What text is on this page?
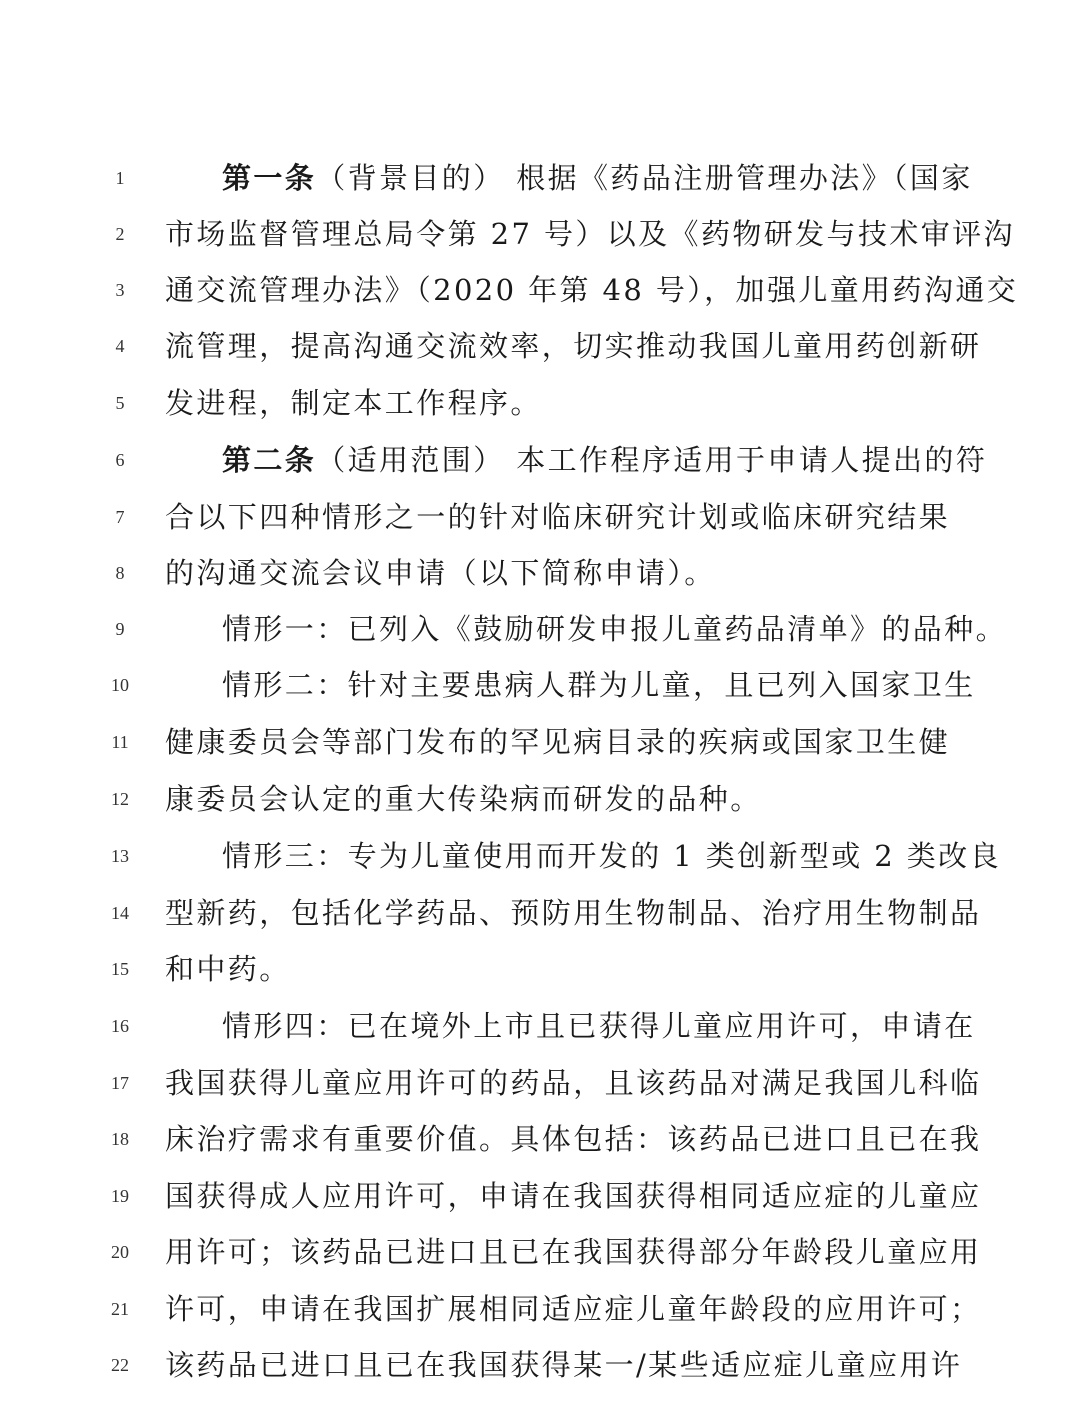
1	第一条（背景目的） 根据《药品注册管理办法》（国家
2	市场监督管理总局令第 27 号）以及《药物研发与技术审评沟
3	通交流管理办法》（2020 年第 48 号），加强儿童用药沟通交
4	流管理，提高沟通交流效率，切实推动我国儿童用药创新研
5	发进程，制定本工作程序。
6	第二条（适用范围） 本工作程序适用于申请人提出的符
7	合以下四种情形之一的针对临床研究计划或临床研究结果
8	的沟通交流会议申请（以下简称申请）。
9	情形一：已列入《鼓励研发申报儿童药品清单》的品种。
10	情形二：针对主要患病人群为儿童，且已列入国家卫生
11	健康委员会等部门发布的罕见病目录的疾病或国家卫生健
12	康委员会认定的重大传染病而研发的品种。
13	情形三：专为儿童使用而开发的 1 类创新型或 2 类改良
14	型新药，包括化学药品、预防用生物制品、治疗用生物制品
15	和中药。
16	情形四：已在境外上市且已获得儿童应用许可，申请在
17	我国获得儿童应用许可的药品，且该药品对满足我国儿科临
18	床治疗需求有重要价值。具体包括：该药品已进口且已在我
19	国获得成人应用许可，申请在我国获得相同适应症的儿童应
20	用许可；该药品已进口且已在我国获得部分年龄段儿童应用
21	许可，申请在我国扩展相同适应症儿童年龄段的应用许可；
22	该药品已进口且已在我国获得某一/某些适应症儿童应用许
